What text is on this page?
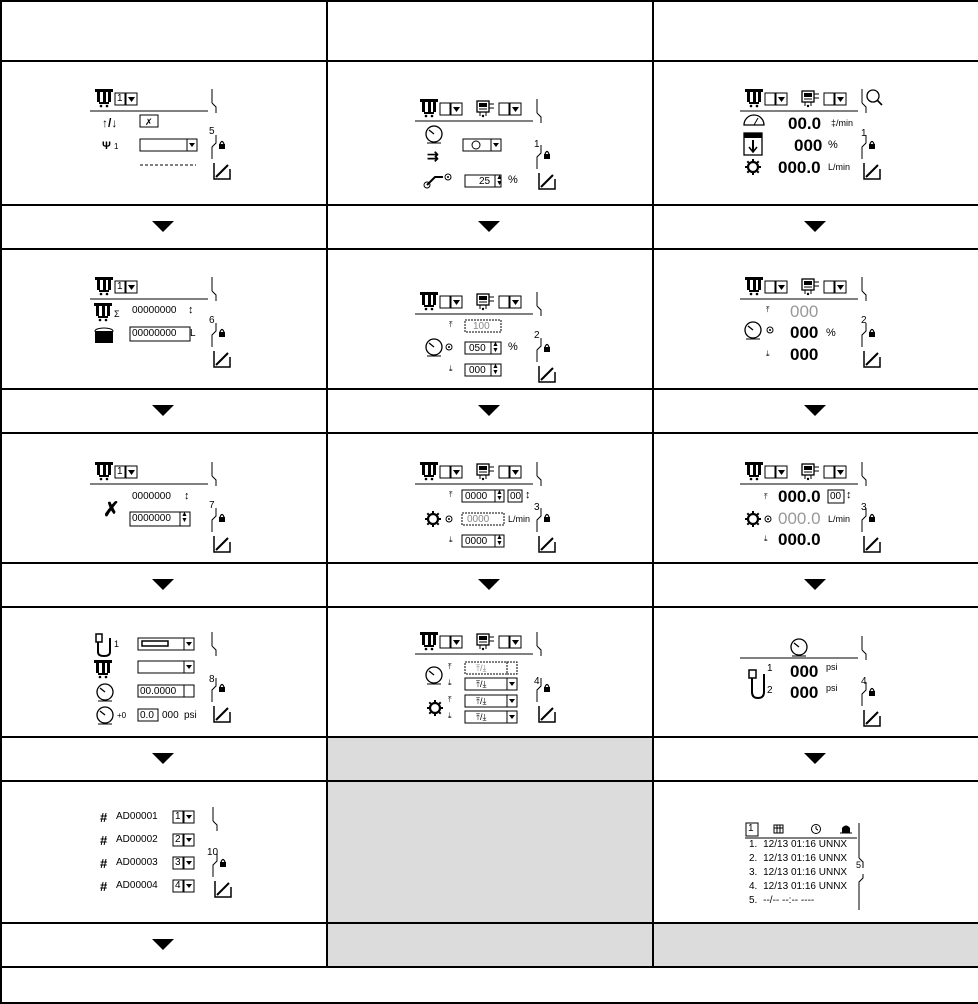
↑/↓	✗
Ψ 1
1
5
1
Σ 00000000 ↕
00000000 L
6
✗
0000000 ↕
0000000 ▲
▼
1
7
1
00.0000
+0 0.0 000 psi
8
# AD00001 1
# AD00002 2
# AD00003 3
# AD00004 4
10
⇉
25 ▲
▼ %
1
⤒ 100
050 ▲
▼ %
⤓ 000 ▲
▼
2
⤒ 0000 ▲
▼ 00 ↕
0000 L/min
⤓ 0000 ▲
▼
3
⤒
⤓
⤒
⤓
⤒/⤓
⤒/⤓
⤒/⤓
⤒/⤓
4
00.0 ‡/min
000 %
000.0 L/min
1
⤒ 000
000 %
⤓ 000
2
⤒ 000.0 00 ↕
000.0 L/min
⤓ 000.0
3
1
2
000 psi
000 psi
4
1
1. 12/13 01:16 UNNX
2. 12/13 01:16 UNNX
3. 12/13 01:16 UNNX
4. 12/13 01:16 UNNX
5. --/-- --:-- ----
5
